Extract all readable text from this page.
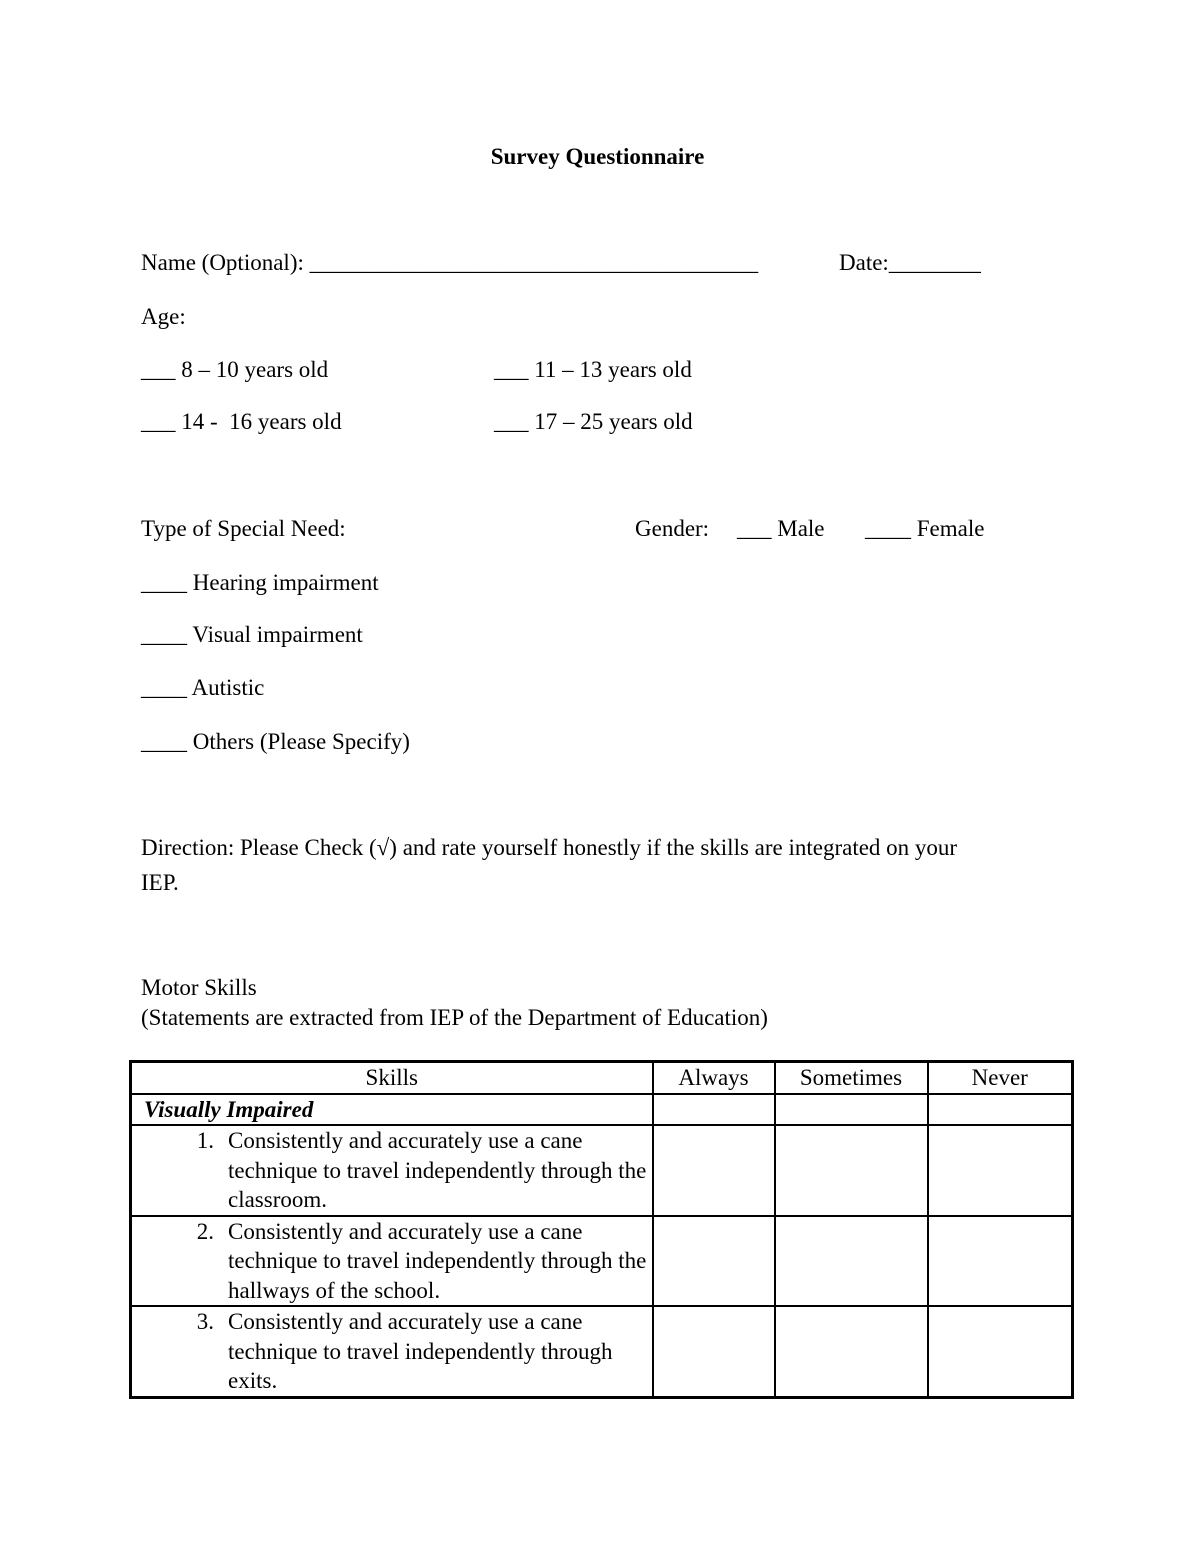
Survey Questionnaire
Name (Optional): _______________________________________	Date:________
Age:
___ 8 – 10 years old	___ 11 – 13 years old
___ 14 -  16 years old	___ 17 – 25 years old
Type of Special Need:	Gender: ___ Male ____ Female
____ Hearing impairment
____ Visual impairment
____ Autistic
____ Others (Please Specify)
Direction: Please Check (√) and rate yourself honestly if the skills are integrated on your
IEP.
Motor Skills
(Statements are extracted from IEP of the Department of Education)
Skills	Always	Sometimes	Never
Visually Impaired			

1. Consistently and accurately use a cane technique to travel independently through the classroom.			

2. Consistently and accurately use a cane technique to travel independently through the hallways of the school.			

3. Consistently and accurately use a cane technique to travel independently through exits.			
